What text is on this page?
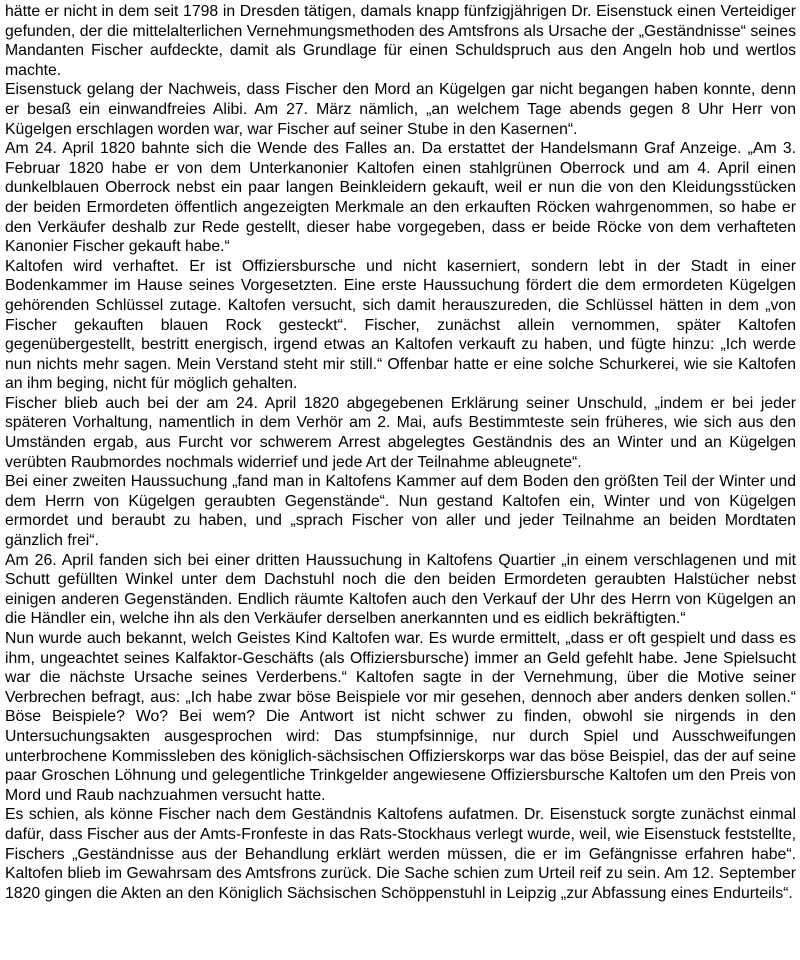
hätte er nicht in dem seit 1798 in Dresden tätigen, damals knapp fünfzigjährigen Dr. Eisenstuck einen Verteidiger gefunden, der die mittelalterlichen Vernehmungsmethoden des Amtsfrons als Ursache der „Geständnisse“ seines Mandanten Fischer aufdeckte, damit als Grundlage für einen Schuldspruch aus den Angeln hob und wertlos machte.

Eisenstuck gelang der Nachweis, dass Fischer den Mord an Kügelgen gar nicht begangen haben konnte, denn er besaß ein einwandfreies Alibi. Am 27. März nämlich, „an welchem Tage abends gegen 8 Uhr Herr von Kügelgen erschlagen worden war, war Fischer auf seiner Stube in den Kasernen“.

Am 24. April 1820 bahnte sich die Wende des Falles an. Da erstattet der Handelsmann Graf Anzeige. „Am 3. Februar 1820 habe er von dem Unterkanonier Kaltofen einen stahlgrünen Oberrock und am 4. April einen dunkelblauen Oberrock nebst ein paar langen Beinkleidern gekauft, weil er nun die von den Kleidungsstücken der beiden Ermordeten öffentlich angezeigten Merkmale an den erkauften Röcken wahrgenommen, so habe er den Verkäufer deshalb zur Rede gestellt, dieser habe vorgegeben, dass er beide Röcke von dem verhafteten Kanonier Fischer gekauft habe.“

Kaltofen wird verhaftet. Er ist Offiziersbursche und nicht kaserniert, sondern lebt in der Stadt in einer Bodenkammer im Hause seines Vorgesetzten. Eine erste Haussuchung fördert die dem ermordeten Kügelgen gehörenden Schlüssel zutage. Kaltofen versucht, sich damit herauszureden, die Schlüssel hätten in dem „von Fischer gekauften blauen Rock gesteckt“. Fischer, zunächst allein vernommen, später Kaltofen gegenübergestellt, bestritt energisch, irgend etwas an Kaltofen verkauft zu haben, und fügte hinzu: „Ich werde nun nichts mehr sagen. Mein Verstand steht mir still.“ Offenbar hatte er eine solche Schurkerei, wie sie Kaltofen an ihm beging, nicht für möglich gehalten.

Fischer blieb auch bei der am 24. April 1820 abgegebenen Erklärung seiner Unschuld, „indem er bei jeder späteren Vorhaltung, namentlich in dem Verhör am 2. Mai, aufs Bestimmteste sein früheres, wie sich aus den Umständen ergab, aus Furcht vor schwerem Arrest abgelegtes Geständnis des an Winter und an Kügelgen verübten Raubmordes nochmals widerrief und jede Art der Teilnahme ableugnete“.

Bei einer zweiten Haussuchung „fand man in Kaltofens Kammer auf dem Boden den größten Teil der Winter und dem Herrn von Kügelgen geraubten Gegenstände“. Nun gestand Kaltofen ein, Winter und von Kügelgen ermordet und beraubt zu haben, und „sprach Fischer von aller und jeder Teilnahme an beiden Mordtaten gänzlich frei“.

Am 26. April fanden sich bei einer dritten Haussuchung in Kaltofens Quartier „in einem verschlagenen und mit Schutt gefüllten Winkel unter dem Dachstuhl noch die den beiden Ermordeten geraubten Halstücher nebst einigen anderen Gegenständen. Endlich räumte Kaltofen auch den Verkauf der Uhr des Herrn von Kügelgen an die Händler ein, welche ihn als den Verkäufer derselben anerkannten und es eidlich bekräftigten.“

Nun wurde auch bekannt, welch Geistes Kind Kaltofen war. Es wurde ermittelt, „dass er oft gespielt und dass es ihm, ungeachtet seines Kalfaktor-Geschäfts (als Offiziersbursche) immer an Geld gefehlt habe. Jene Spielsucht war die nächste Ursache seines Verderbens.“ Kaltofen sagte in der Vernehmung, über die Motive seiner Verbrechen befragt, aus: „Ich habe zwar böse Beispiele vor mir gesehen, dennoch aber anders denken sollen.“ Böse Beispiele? Wo? Bei wem? Die Antwort ist nicht schwer zu finden, obwohl sie nirgends in den Untersuchungsakten ausgesprochen wird: Das stumpfsinnige, nur durch Spiel und Ausschweifungen unterbrochene Kommissleben des königlich-sächsischen Offizierskorps war das böse Beispiel, das der auf seine paar Groschen Löhnung und gelegentliche Trinkgelder angewiesene Offiziersbursche Kaltofen um den Preis von Mord und Raub nachzuahmen versucht hatte.

Es schien, als könne Fischer nach dem Geständnis Kaltofens aufatmen. Dr. Eisenstuck sorgte zunächst einmal dafür, dass Fischer aus der Amts-Fronfeste in das Rats-Stockhaus verlegt wurde, weil, wie Eisenstuck feststellte, Fischers „Geständnisse aus der Behandlung erklärt werden müssen, die er im Gefängnisse erfahren habe“. Kaltofen blieb im Gewahrsam des Amtsfrons zurück. Die Sache schien zum Urteil reif zu sein. Am 12. September 1820 gingen die Akten an den Königlich Sächsischen Schöppenstuhl in Leipzig „zur Abfassung eines Endurteils“.
